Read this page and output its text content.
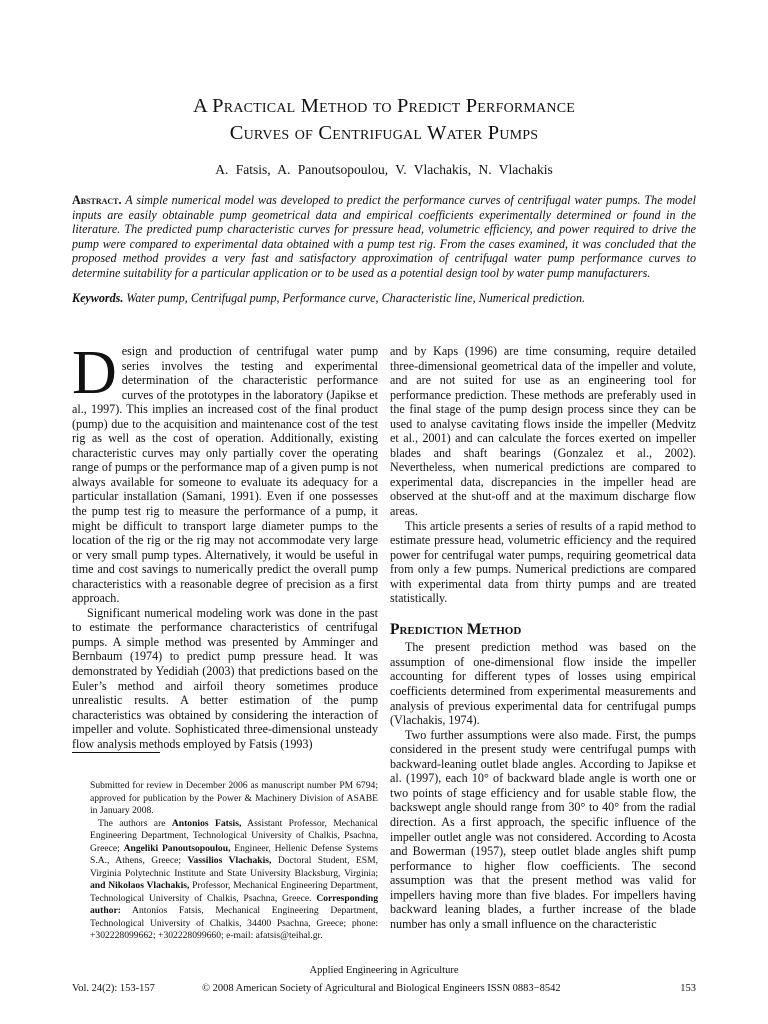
A Practical Method to Predict Performance
Curves of Centrifugal Water Pumps
A. Fatsis, A. Panoutsopoulou, V. Vlachakis, N. Vlachakis
Abstract. A simple numerical model was developed to predict the performance curves of centrifugal water pumps. The model inputs are easily obtainable pump geometrical data and empirical coefficients experimentally determined or found in the literature. The predicted pump characteristic curves for pressure head, volumetric efficiency, and power required to drive the pump were compared to experimental data obtained with a pump test rig. From the cases examined, it was concluded that the proposed method provides a very fast and satisfactory approximation of centrifugal water pump performance curves to determine suitability for a particular application or to be used as a potential design tool by water pump manufacturers.
Keywords. Water pump, Centrifugal pump, Performance curve, Characteristic line, Numerical prediction.

Design and production of centrifugal water pump series involves the testing and experimental determination of the characteristic performance curves of the prototypes in the laboratory (Japikse et al., 1997). This implies an increased cost of the final product (pump) due to the acquisition and maintenance cost of the test rig as well as the cost of operation. Additionally, existing characteristic curves may only partially cover the operating range of pumps or the performance map of a given pump is not always available for someone to evaluate its adequacy for a particular installation (Samani, 1991). Even if one possesses the pump test rig to measure the performance of a pump, it might be difficult to transport large diameter pumps to the location of the rig or the rig may not accommodate very large or very small pump types. Alternatively, it would be useful in time and cost savings to numerically predict the overall pump characteristics with a reasonable degree of precision as a first approach.

Significant numerical modeling work was done in the past to estimate the performance characteristics of centrifugal pumps. A simple method was presented by Amminger and Bernbaum (1974) to predict pump pressure head. It was demonstrated by Yedidiah (2003) that predictions based on the Euler’s method and airfoil theory sometimes produce unrealistic results. A better estimation of the pump characteristics was obtained by considering the interaction of impeller and volute. Sophisticated three-dimensional unsteady flow analysis methods employed by Fatsis (1993)

Submitted for review in December 2006 as manuscript number PM 6794; approved for publication by the Power & Machinery Division of ASABE in January 2008.

The authors are Antonios Fatsis, Assistant Professor, Mechanical Engineering Department, Technological University of Chalkis, Psachna, Greece; Angeliki Panoutsopoulou, Engineer, Hellenic Defense Systems S.A., Athens, Greece; Vassilios Vlachakis, Doctoral Student, ESM, Virginia Polytechnic Institute and State University Blacksburg, Virginia; and Nikolaos Vlachakis, Professor, Mechanical Engineering Department, Technological University of Chalkis, Psachna, Greece. Corresponding author: Antonios Fatsis, Mechanical Engineering Department, Technological University of Chalkis, 34400 Psachna, Greece; phone: +302228099662; +302228099660; e-mail: afatsis@teihal.gr.

and by Kaps (1996) are time consuming, require detailed three-dimensional geometrical data of the impeller and volute, and are not suited for use as an engineering tool for performance prediction. These methods are preferably used in the final stage of the pump design process since they can be used to analyse cavitating flows inside the impeller (Medvitz et al., 2001) and can calculate the forces exerted on impeller blades and shaft bearings (Gonzalez et al., 2002). Nevertheless, when numerical predictions are compared to experimental data, discrepancies in the impeller head are observed at the shut-off and at the maximum discharge flow areas.

This article presents a series of results of a rapid method to estimate pressure head, volumetric efficiency and the required power for centrifugal water pumps, requiring geometrical data from only a few pumps. Numerical predictions are compared with experimental data from thirty pumps and are treated statistically.

Prediction Method

The present prediction method was based on the assumption of one-dimensional flow inside the impeller accounting for different types of losses using empirical coefficients determined from experimental measurements and analysis of previous experimental data for centrifugal pumps (Vlachakis, 1974).

Two further assumptions were also made. First, the pumps considered in the present study were centrifugal pumps with backward-leaning outlet blade angles. According to Japikse et al. (1997), each 10° of backward blade angle is worth one or two points of stage efficiency and for usable stable flow, the backswept angle should range from 30° to 40° from the radial direction. As a first approach, the specific influence of the impeller outlet angle was not considered. According to Acosta and Bowerman (1957), steep outlet blade angles shift pump performance to higher flow coefficients. The second assumption was that the present method was valid for impellers having more than five blades. For impellers having backward leaning blades, a further increase of the blade number has only a small influence on the characteristic

Applied Engineering in Agriculture
Vol. 24(2): 153-157	© 2008 American Society of Agricultural and Biological Engineers ISSN 0883−8542	153
